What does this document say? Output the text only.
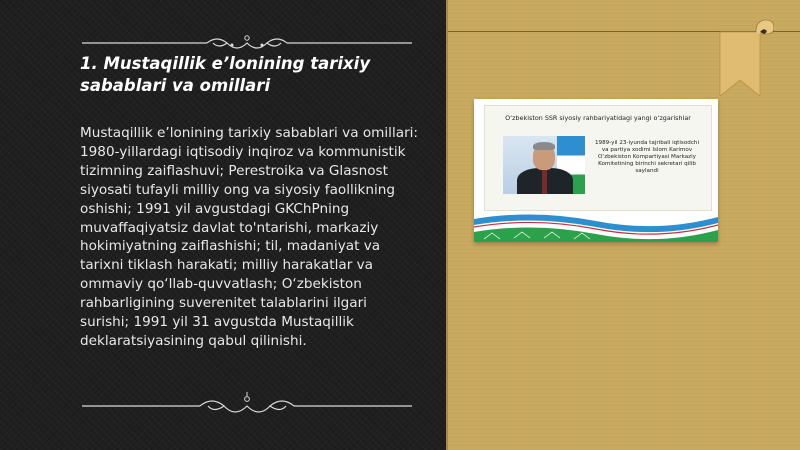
1. Mustaqillik e’lonining tarixiy sabablari va omillari
Mustaqillik e’lonining tarixiy sabablari va omillari: 1980-yillardagi iqtisodiy inqiroz va kommunistik tizimning zaiflashuvi; Perestroika va Glasnost siyosati tufayli milliy ong va siyosiy faollikning oshishi; 1991 yil avgustdagi GKChPning muvaffaqiyatsiz davlat to'ntarishi, markaziy hokimiyatning zaiflashishi; til, madaniyat va tarixni tiklash harakati; milliy harakatlar va ommaviy qo‘llab-quvvatlash; O‘zbekiston rahbarligining suverenitet talablarini ilgari surishi; 1991 yil 31 avgustda Mustaqillik deklaratsiyasining qabul qilinishi.
O‘zbekiston SSR siyosiy rahbariyatidagi yangi o‘zgarishlar
1989-yil 23-iyunda tajribali iqtisodchi va partiya xodimi Islom Karimov O‘zbekiston Kompartiyasi Markaziy Komitetining birinchi sekretari qilib saylandi
